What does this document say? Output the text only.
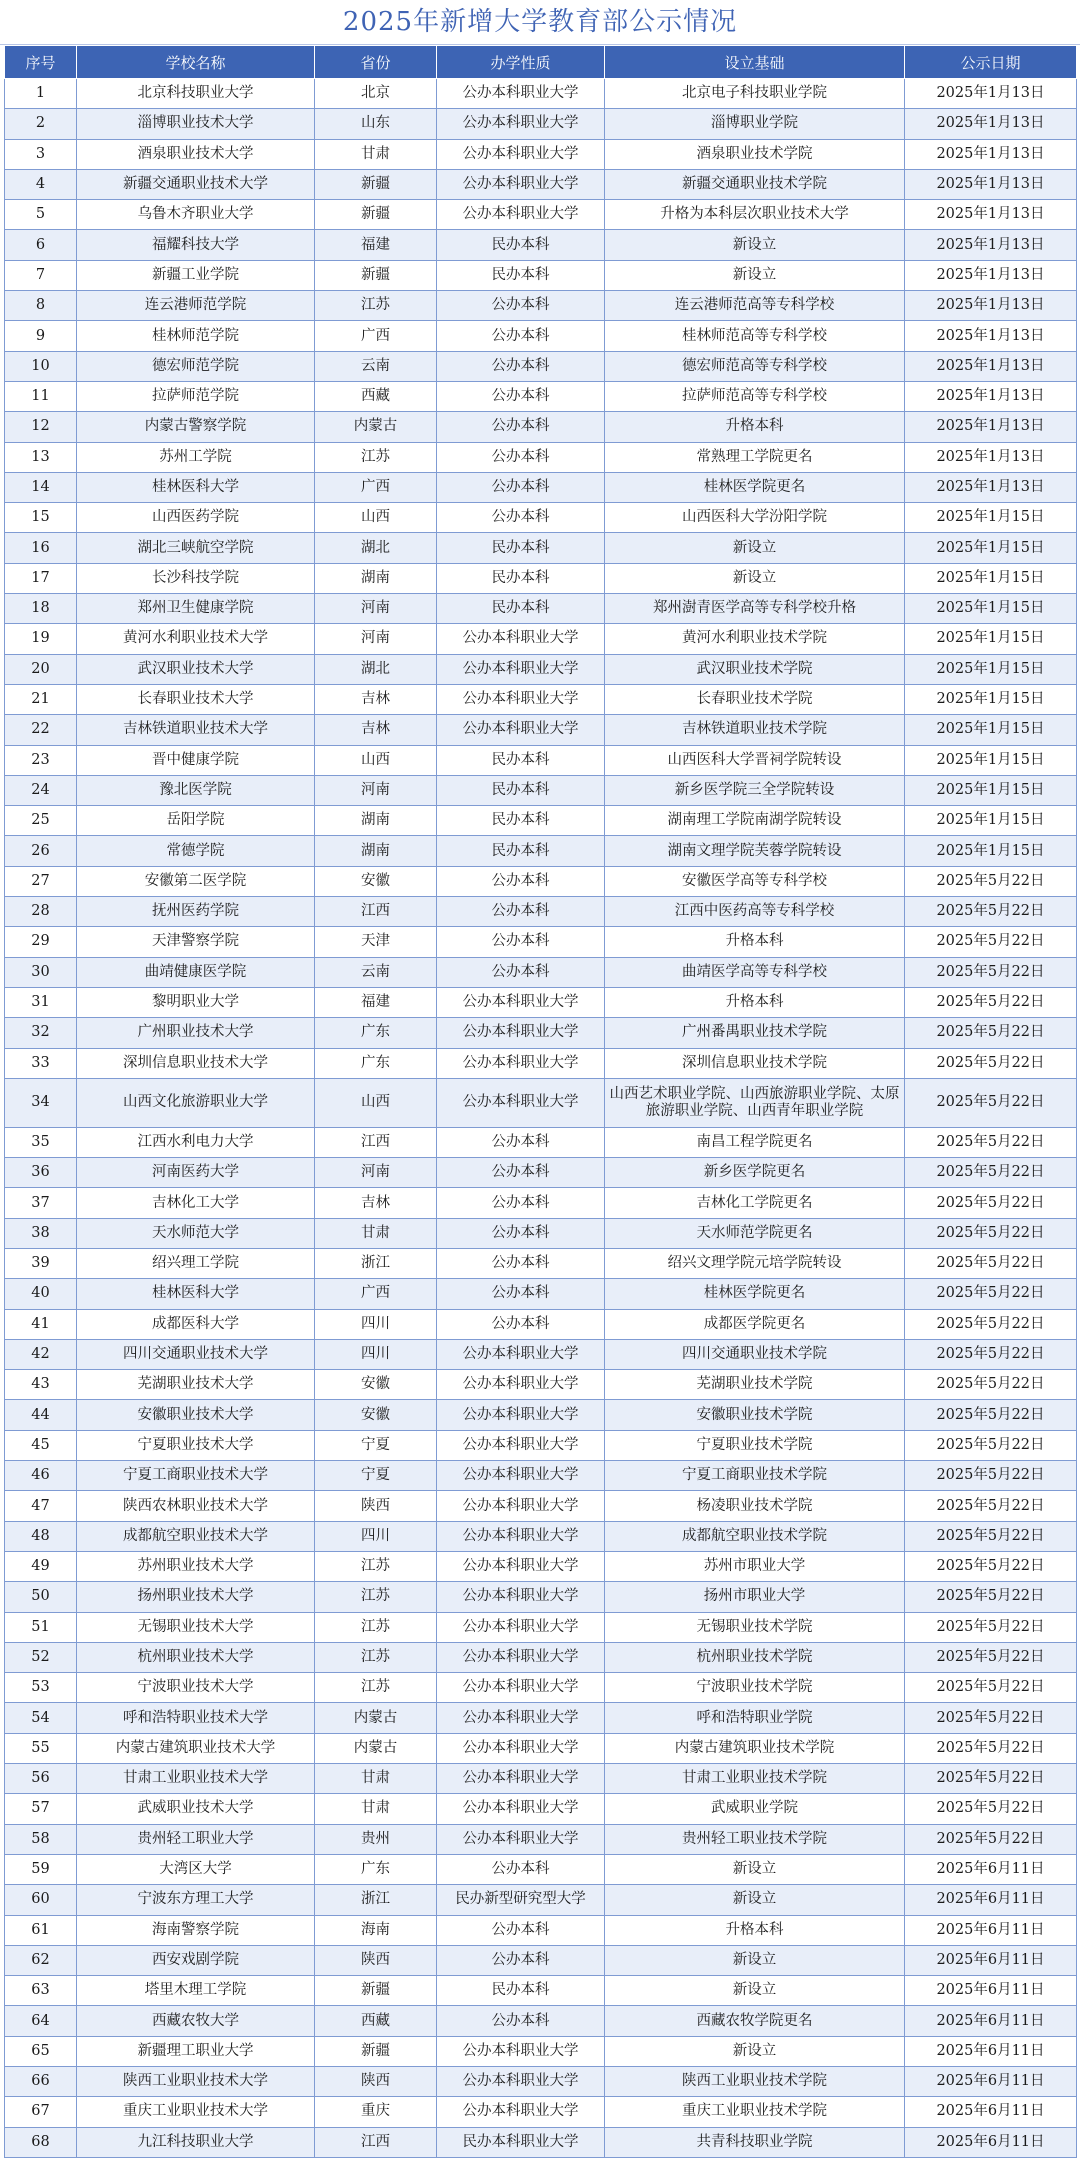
2025年新增大学教育部公示情况
序号	学校名称	省份	办学性质	设立基础	公示日期
1	北京科技职业大学	北京	公办本科职业大学	北京电子科技职业学院	2025年1月13日
2	淄博职业技术大学	山东	公办本科职业大学	淄博职业学院	2025年1月13日
3	酒泉职业技术大学	甘肃	公办本科职业大学	酒泉职业技术学院	2025年1月13日
4	新疆交通职业技术大学	新疆	公办本科职业大学	新疆交通职业技术学院	2025年1月13日
5	乌鲁木齐职业大学	新疆	公办本科职业大学	升格为本科层次职业技术大学	2025年1月13日
6	福耀科技大学	福建	民办本科	新设立	2025年1月13日
7	新疆工业学院	新疆	民办本科	新设立	2025年1月13日
8	连云港师范学院	江苏	公办本科	连云港师范高等专科学校	2025年1月13日
9	桂林师范学院	广西	公办本科	桂林师范高等专科学校	2025年1月13日
10	德宏师范学院	云南	公办本科	德宏师范高等专科学校	2025年1月13日
11	拉萨师范学院	西藏	公办本科	拉萨师范高等专科学校	2025年1月13日
12	内蒙古警察学院	内蒙古	公办本科	升格本科	2025年1月13日
13	苏州工学院	江苏	公办本科	常熟理工学院更名	2025年1月13日
14	桂林医科大学	广西	公办本科	桂林医学院更名	2025年1月13日
15	山西医药学院	山西	公办本科	山西医科大学汾阳学院	2025年1月15日
16	湖北三峡航空学院	湖北	民办本科	新设立	2025年1月15日
17	长沙科技学院	湖南	民办本科	新设立	2025年1月15日
18	郑州卫生健康学院	河南	民办本科	郑州澍青医学高等专科学校升格	2025年1月15日
19	黄河水利职业技术大学	河南	公办本科职业大学	黄河水利职业技术学院	2025年1月15日
20	武汉职业技术大学	湖北	公办本科职业大学	武汉职业技术学院	2025年1月15日
21	长春职业技术大学	吉林	公办本科职业大学	长春职业技术学院	2025年1月15日
22	吉林铁道职业技术大学	吉林	公办本科职业大学	吉林铁道职业技术学院	2025年1月15日
23	晋中健康学院	山西	民办本科	山西医科大学晋祠学院转设	2025年1月15日
24	豫北医学院	河南	民办本科	新乡医学院三全学院转设	2025年1月15日
25	岳阳学院	湖南	民办本科	湖南理工学院南湖学院转设	2025年1月15日
26	常德学院	湖南	民办本科	湖南文理学院芙蓉学院转设	2025年1月15日
27	安徽第二医学院	安徽	公办本科	安徽医学高等专科学校	2025年5月22日
28	抚州医药学院	江西	公办本科	江西中医药高等专科学校	2025年5月22日
29	天津警察学院	天津	公办本科	升格本科	2025年5月22日
30	曲靖健康医学院	云南	公办本科	曲靖医学高等专科学校	2025年5月22日
31	黎明职业大学	福建	公办本科职业大学	升格本科	2025年5月22日
32	广州职业技术大学	广东	公办本科职业大学	广州番禺职业技术学院	2025年5月22日
33	深圳信息职业技术大学	广东	公办本科职业大学	深圳信息职业技术学院	2025年5月22日
34	山西文化旅游职业大学	山西	公办本科职业大学	山西艺术职业学院、山西旅游职业学院、太原旅游职业学院、山西青年职业学院	2025年5月22日
35	江西水利电力大学	江西	公办本科	南昌工程学院更名	2025年5月22日
36	河南医药大学	河南	公办本科	新乡医学院更名	2025年5月22日
37	吉林化工大学	吉林	公办本科	吉林化工学院更名	2025年5月22日
38	天水师范大学	甘肃	公办本科	天水师范学院更名	2025年5月22日
39	绍兴理工学院	浙江	公办本科	绍兴文理学院元培学院转设	2025年5月22日
40	桂林医科大学	广西	公办本科	桂林医学院更名	2025年5月22日
41	成都医科大学	四川	公办本科	成都医学院更名	2025年5月22日
42	四川交通职业技术大学	四川	公办本科职业大学	四川交通职业技术学院	2025年5月22日
43	芜湖职业技术大学	安徽	公办本科职业大学	芜湖职业技术学院	2025年5月22日
44	安徽职业技术大学	安徽	公办本科职业大学	安徽职业技术学院	2025年5月22日
45	宁夏职业技术大学	宁夏	公办本科职业大学	宁夏职业技术学院	2025年5月22日
46	宁夏工商职业技术大学	宁夏	公办本科职业大学	宁夏工商职业技术学院	2025年5月22日
47	陕西农林职业技术大学	陕西	公办本科职业大学	杨凌职业技术学院	2025年5月22日
48	成都航空职业技术大学	四川	公办本科职业大学	成都航空职业技术学院	2025年5月22日
49	苏州职业技术大学	江苏	公办本科职业大学	苏州市职业大学	2025年5月22日
50	扬州职业技术大学	江苏	公办本科职业大学	扬州市职业大学	2025年5月22日
51	无锡职业技术大学	江苏	公办本科职业大学	无锡职业技术学院	2025年5月22日
52	杭州职业技术大学	江苏	公办本科职业大学	杭州职业技术学院	2025年5月22日
53	宁波职业技术大学	江苏	公办本科职业大学	宁波职业技术学院	2025年5月22日
54	呼和浩特职业技术大学	内蒙古	公办本科职业大学	呼和浩特职业学院	2025年5月22日
55	内蒙古建筑职业技术大学	内蒙古	公办本科职业大学	内蒙古建筑职业技术学院	2025年5月22日
56	甘肃工业职业技术大学	甘肃	公办本科职业大学	甘肃工业职业技术学院	2025年5月22日
57	武威职业技术大学	甘肃	公办本科职业大学	武威职业学院	2025年5月22日
58	贵州轻工职业大学	贵州	公办本科职业大学	贵州轻工职业技术学院	2025年5月22日
59	大湾区大学	广东	公办本科	新设立	2025年6月11日
60	宁波东方理工大学	浙江	民办新型研究型大学	新设立	2025年6月11日
61	海南警察学院	海南	公办本科	升格本科	2025年6月11日
62	西安戏剧学院	陕西	公办本科	新设立	2025年6月11日
63	塔里木理工学院	新疆	民办本科	新设立	2025年6月11日
64	西藏农牧大学	西藏	公办本科	西藏农牧学院更名	2025年6月11日
65	新疆理工职业大学	新疆	公办本科职业大学	新设立	2025年6月11日
66	陕西工业职业技术大学	陕西	公办本科职业大学	陕西工业职业技术学院	2025年6月11日
67	重庆工业职业技术大学	重庆	公办本科职业大学	重庆工业职业技术学院	2025年6月11日
68	九江科技职业大学	江西	民办本科职业大学	共青科技职业学院	2025年6月11日
